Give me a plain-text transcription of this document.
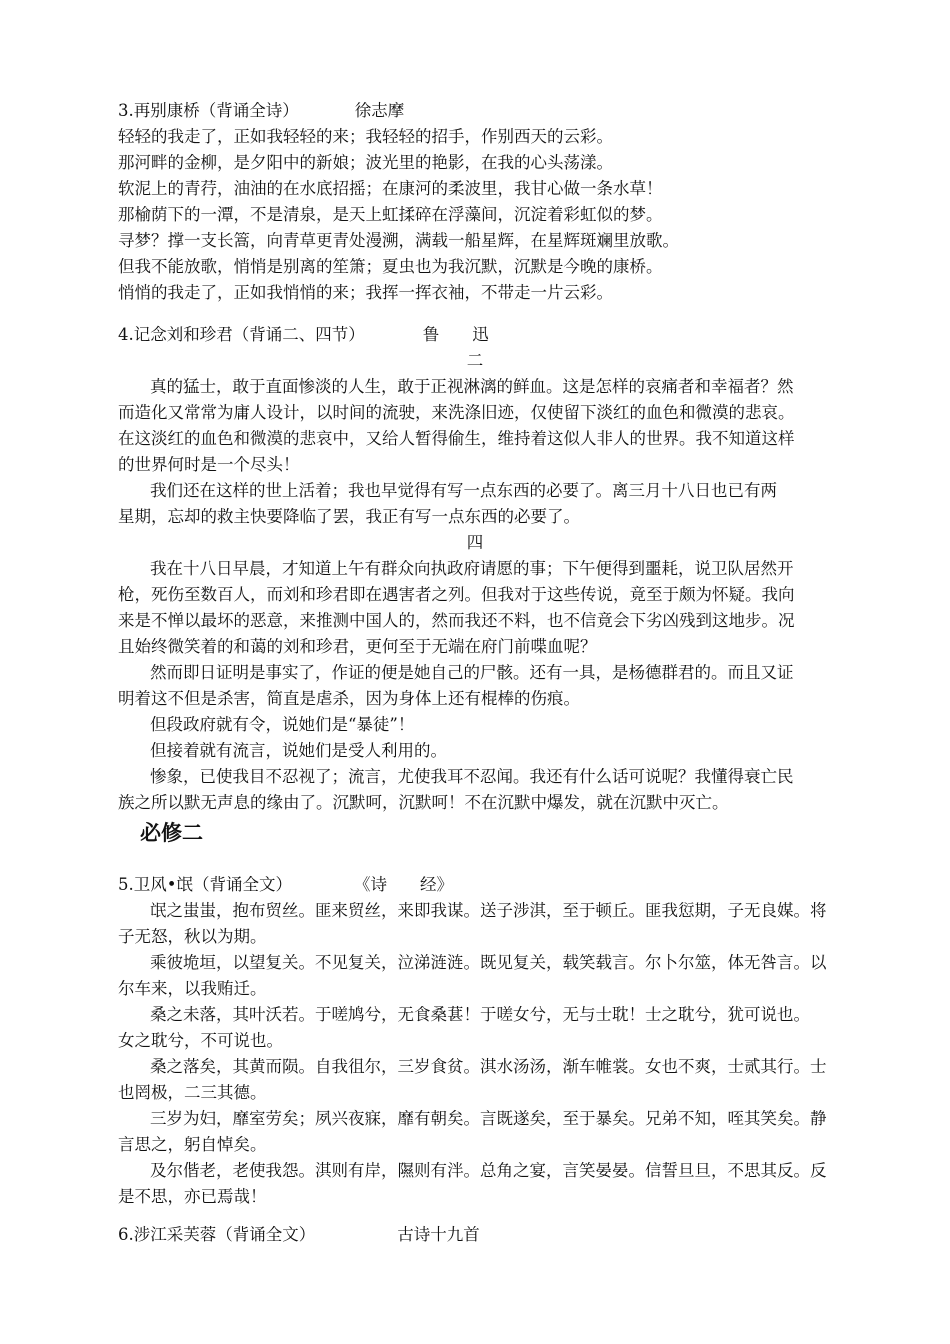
3.再别康桥（背诵全诗）	徐志摩
轻轻的我走了，正如我轻轻的来；我轻轻的招手，作别西天的云彩。
那河畔的金柳，是夕阳中的新娘；波光里的艳影，在我的心头荡漾。
软泥上的青荇，油油的在水底招摇；在康河的柔波里，我甘心做一条水草！
那榆荫下的一潭，不是清泉，是天上虹揉碎在浮藻间，沉淀着彩虹似的梦。
寻梦？撑一支长篙，向青草更青处漫溯，满载一船星辉，在星辉斑斓里放歌。
但我不能放歌，悄悄是别离的笙箫；夏虫也为我沉默，沉默是今晚的康桥。
悄悄的我走了，正如我悄悄的来；我挥一挥衣袖，不带走一片云彩。
4.记念刘和珍君（背诵二、四节）	鲁　　迅
二
真的猛士，敢于直面惨淡的人生，敢于正视淋漓的鲜血。这是怎样的哀痛者和幸福者？然
而造化又常常为庸人设计，以时间的流驶，来洗涤旧迹，仅使留下淡红的血色和微漠的悲哀。
在这淡红的血色和微漠的悲哀中，又给人暂得偷生，维持着这似人非人的世界。我不知道这样
的世界何时是一个尽头！
我们还在这样的世上活着；我也早觉得有写一点东西的必要了。离三月十八日也已有两
星期，忘却的救主快要降临了罢，我正有写一点东西的必要了。
四
我在十八日早晨，才知道上午有群众向执政府请愿的事；下午便得到噩耗，说卫队居然开
枪，死伤至数百人，而刘和珍君即在遇害者之列。但我对于这些传说，竟至于颇为怀疑。我向
来是不惮以最坏的恶意，来推测中国人的，然而我还不料，也不信竟会下劣凶残到这地步。况
且始终微笑着的和蔼的刘和珍君，更何至于无端在府门前喋血呢？
然而即日证明是事实了，作证的便是她自己的尸骸。还有一具，是杨德群君的。而且又证
明着这不但是杀害，简直是虐杀，因为身体上还有棍棒的伤痕。
但段政府就有令，说她们是“暴徒”！
但接着就有流言，说她们是受人利用的。
惨象，已使我目不忍视了；流言，尤使我耳不忍闻。我还有什么话可说呢？我懂得衰亡民
族之所以默无声息的缘由了。沉默呵，沉默呵！不在沉默中爆发，就在沉默中灭亡。
必修二
5.卫风•氓（背诵全文）	《诗　　经》
氓之蚩蚩，抱布贸丝。匪来贸丝，来即我谋。送子涉淇，至于顿丘。匪我愆期，子无良媒。将
子无怒，秋以为期。
乘彼垝垣，以望复关。不见复关，泣涕涟涟。既见复关，载笑载言。尔卜尔筮，体无咎言。以
尔车来，以我贿迁。
桑之未落，其叶沃若。于嗟鸠兮，无食桑葚！于嗟女兮，无与士耽！士之耽兮，犹可说也。
女之耽兮，不可说也。
桑之落矣，其黄而陨。自我徂尔，三岁食贫。淇水汤汤，渐车帷裳。女也不爽，士贰其行。士
也罔极，二三其德。
三岁为妇，靡室劳矣；夙兴夜寐，靡有朝矣。言既遂矣，至于暴矣。兄弟不知，咥其笑矣。静
言思之，躬自悼矣。
及尔偕老，老使我怨。淇则有岸，隰则有泮。总角之宴，言笑晏晏。信誓旦旦，不思其反。反
是不思，亦已焉哉！
6.涉江采芙蓉（背诵全文）	古诗十九首
